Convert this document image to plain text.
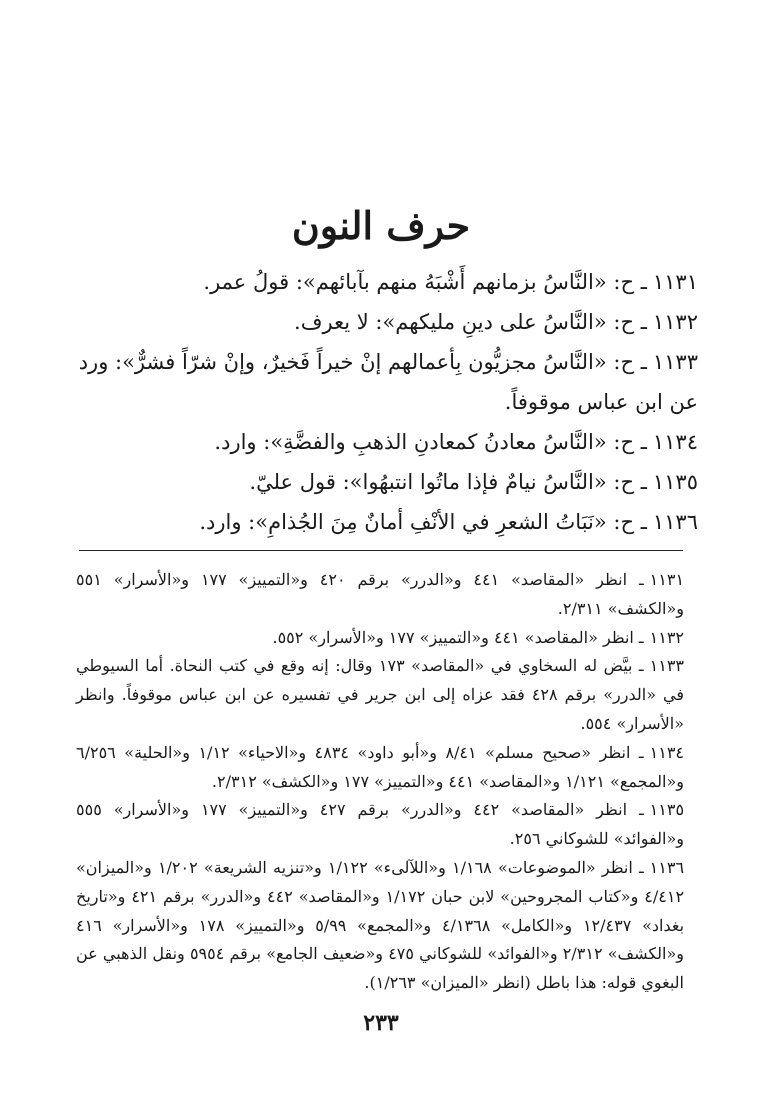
حرف النون

١١٣١ـ ح: «النَّاسُ بزمانهم أَشْبَهُ منهم بآبائهم»: قولُ عمر.

١١٣٢ـ ح: «النَّاسُ على دينِ مليكهم»: لا يعرف.

١١٣٣ـ ح: «النَّاسُ مجزيُّون بِأعمالهم إنْ خيراً فَخيرٌ، وإنْ شرّاً فشرٌّ»: ورد عن ابن عباس موقوفاً.

١١٣٤ـ ح: «النَّاسُ معادنُ كمعادنِ الذهبِ والفضَّةِ»: وارد.

١١٣٥ـ ح: «النَّاسُ نيامٌ فإذا ماتُوا انتبهُوا»: قول عليّ.

١١٣٦ـ ح: «نَبَاتُ الشعرِ في الأنْفِ أمانٌ مِنَ الجُذامِ»: وارد.

١١٣١ـ انظر «المقاصد» ٤٤١ و«الدرر» برقم ٤٢٠ و«التمييز» ١٧٧ و«الأسرار» ٥٥١ و«الكشف» ٢/٣١١.

١١٣٢ـ انظر «المقاصد» ٤٤١ و«التمييز» ١٧٧ و«الأسرار» ٥٥٢.

١١٣٣ـ بيَّض له السخاوي في «المقاصد» ١٧٣ وقال: إنه وقع في كتب النحاة. أما السيوطي في «الدرر» برقم ٤٢٨ فقد عزاه إلى ابن جرير في تفسيره عن ابن عباس موقوفاً. وانظر «الأسرار» ٥٥٤.

١١٣٤ـ انظر «صحيح مسلم» ٨/٤١ و«أبو داود» ٤٨٣٤ و«الاحياء» ١/١٢ و«الحلية» ٦/٢٥٦ و«المجمع» ١/١٢١ و«المقاصد» ٤٤١ و«التمييز» ١٧٧ و«الكشف» ٢/٣١٢.

١١٣٥ـ انظر «المقاصد» ٤٤٢ و«الدرر» برقم ٤٢٧ و«التمييز» ١٧٧ و«الأسرار» ٥٥٥ و«الفوائد» للشوكاني ٢٥٦.

١١٣٦ـ انظر «الموضوعات» ١/١٦٨ و«اللآلىء» ١/١٢٢ و«تنزيه الشريعة» ١/٢٠٢ و«الميزان» ٤/٤١٢ و«كتاب المجروحين» لابن حبان ١/١٧٢ و«المقاصد» ٤٤٢ و«الدرر» برقم ٤٢١ و«تاريخ بغداد» ١٢/٤٣٧ و«الكامل» ٤/١٣٦٨ و«المجمع» ٥/٩٩ و«التمييز» ١٧٨ و«الأسرار» ٤١٦ و«الكشف» ٢/٣١٢ و«الفوائد» للشوكاني ٤٧٥ و«ضعيف الجامع» برقم ٥٩٥٤ ونقل الذهبي عن البغوي قوله: هذا باطل (انظر «الميزان» ١/٢٦٣).

٢٣٣
